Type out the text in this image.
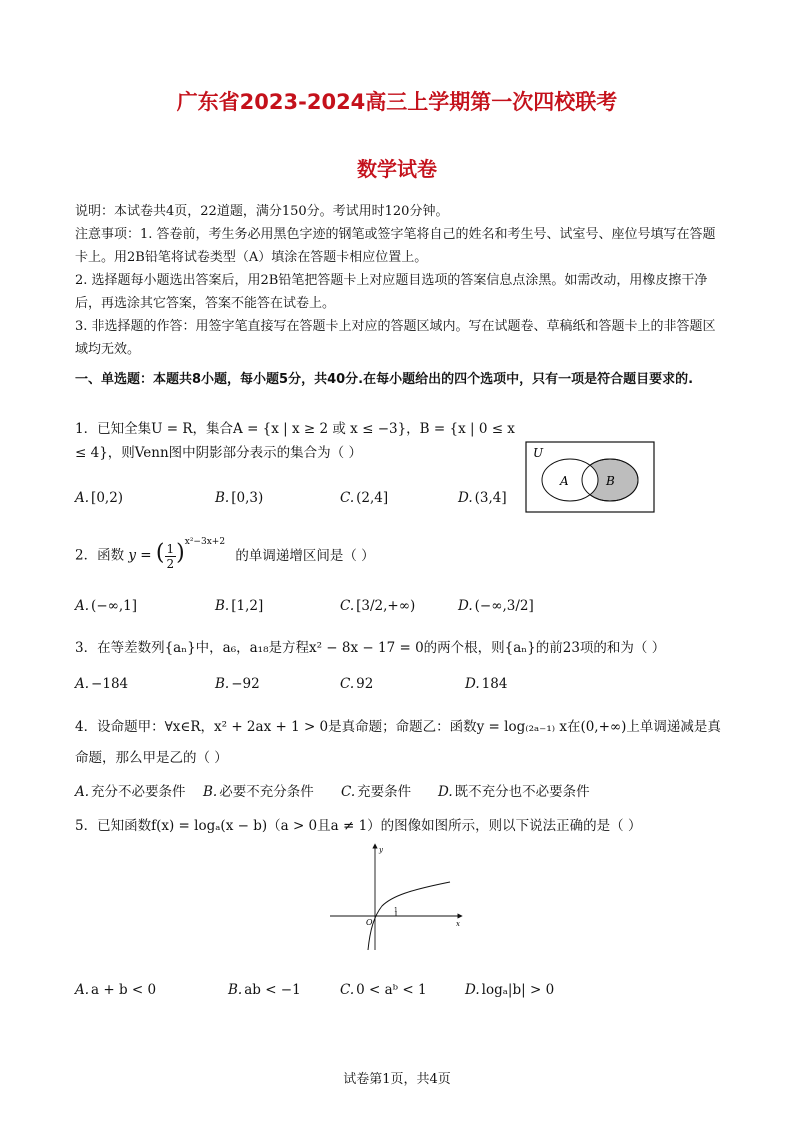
广东省2023-2024高三上学期第一次四校联考
数学试卷

说明：本试卷共4页，22道题，满分150分。考试用时120分钟。

注意事项：1. 答卷前，考生务必用黑色字迹的钢笔或签字笔将自己的姓名和考生号、试室号、座位号填写在答题卡上。用2B铅笔将试卷类型（A）填涂在答题卡相应位置上。

2. 选择题每小题选出答案后，用2B铅笔把答题卡上对应题目选项的答案信息点涂黑。如需改动，用橡皮擦干净后，再选涂其它答案，答案不能答在试卷上。

3. 非选择题的作答：用签字笔直接写在答题卡上对应的答题区域内。写在试题卷、草稿纸和答题卡上的非答题区域均无效。

一、单选题：本题共8小题，每小题5分，共40分.在每小题给出的四个选项中，只有一项是符合题目要求的.
1．已知全集U = R，集合A = {x | x ≥ 2 或 x ≤ −3}，B = {x | 0 ≤ x ≤ 4}，则Venn图中阴影部分表示的集合为（ ）	U
A	B
A. [0,2)	B. [0,3)	C. (2,4]	D. (3,4]
2．函数 y = ( $\frac{1}{2} )^{x^2-3x+2}$ 的单调递增区间是（ ）
A. (−∞,1]	B. [1,2]	C. [3/2,+∞)	D. (−∞,3/2]
3．在等差数列{aₙ}中，a₆，a₁₈是方程x² − 8x − 17 = 0的两个根，则{aₙ}的前23项的和为（ ）
A. −184	B. −92	C. 92	D. 184
4．设命题甲：∀x∈R，x² + 2ax + 1 > 0是真命题；命题乙：函数y = log₍₂ₐ₋₁₎ x在(0,+∞)上单调递减是真命题，那么甲是乙的（ ）
A. 充分不必要条件 B. 必要不充分条件 C. 充要条件 D. 既不充分也不必要条件
5．已知函数f(x) = logₐ(x − b)（a > 0且a ≠ 1）的图像如图所示，则以下说法正确的是（ ）
y
x
O
1
A. a + b < 0	B. ab < −1	C. 0 < aᵇ < 1	D. logₐ|b| > 0
试卷第1页，共4页
